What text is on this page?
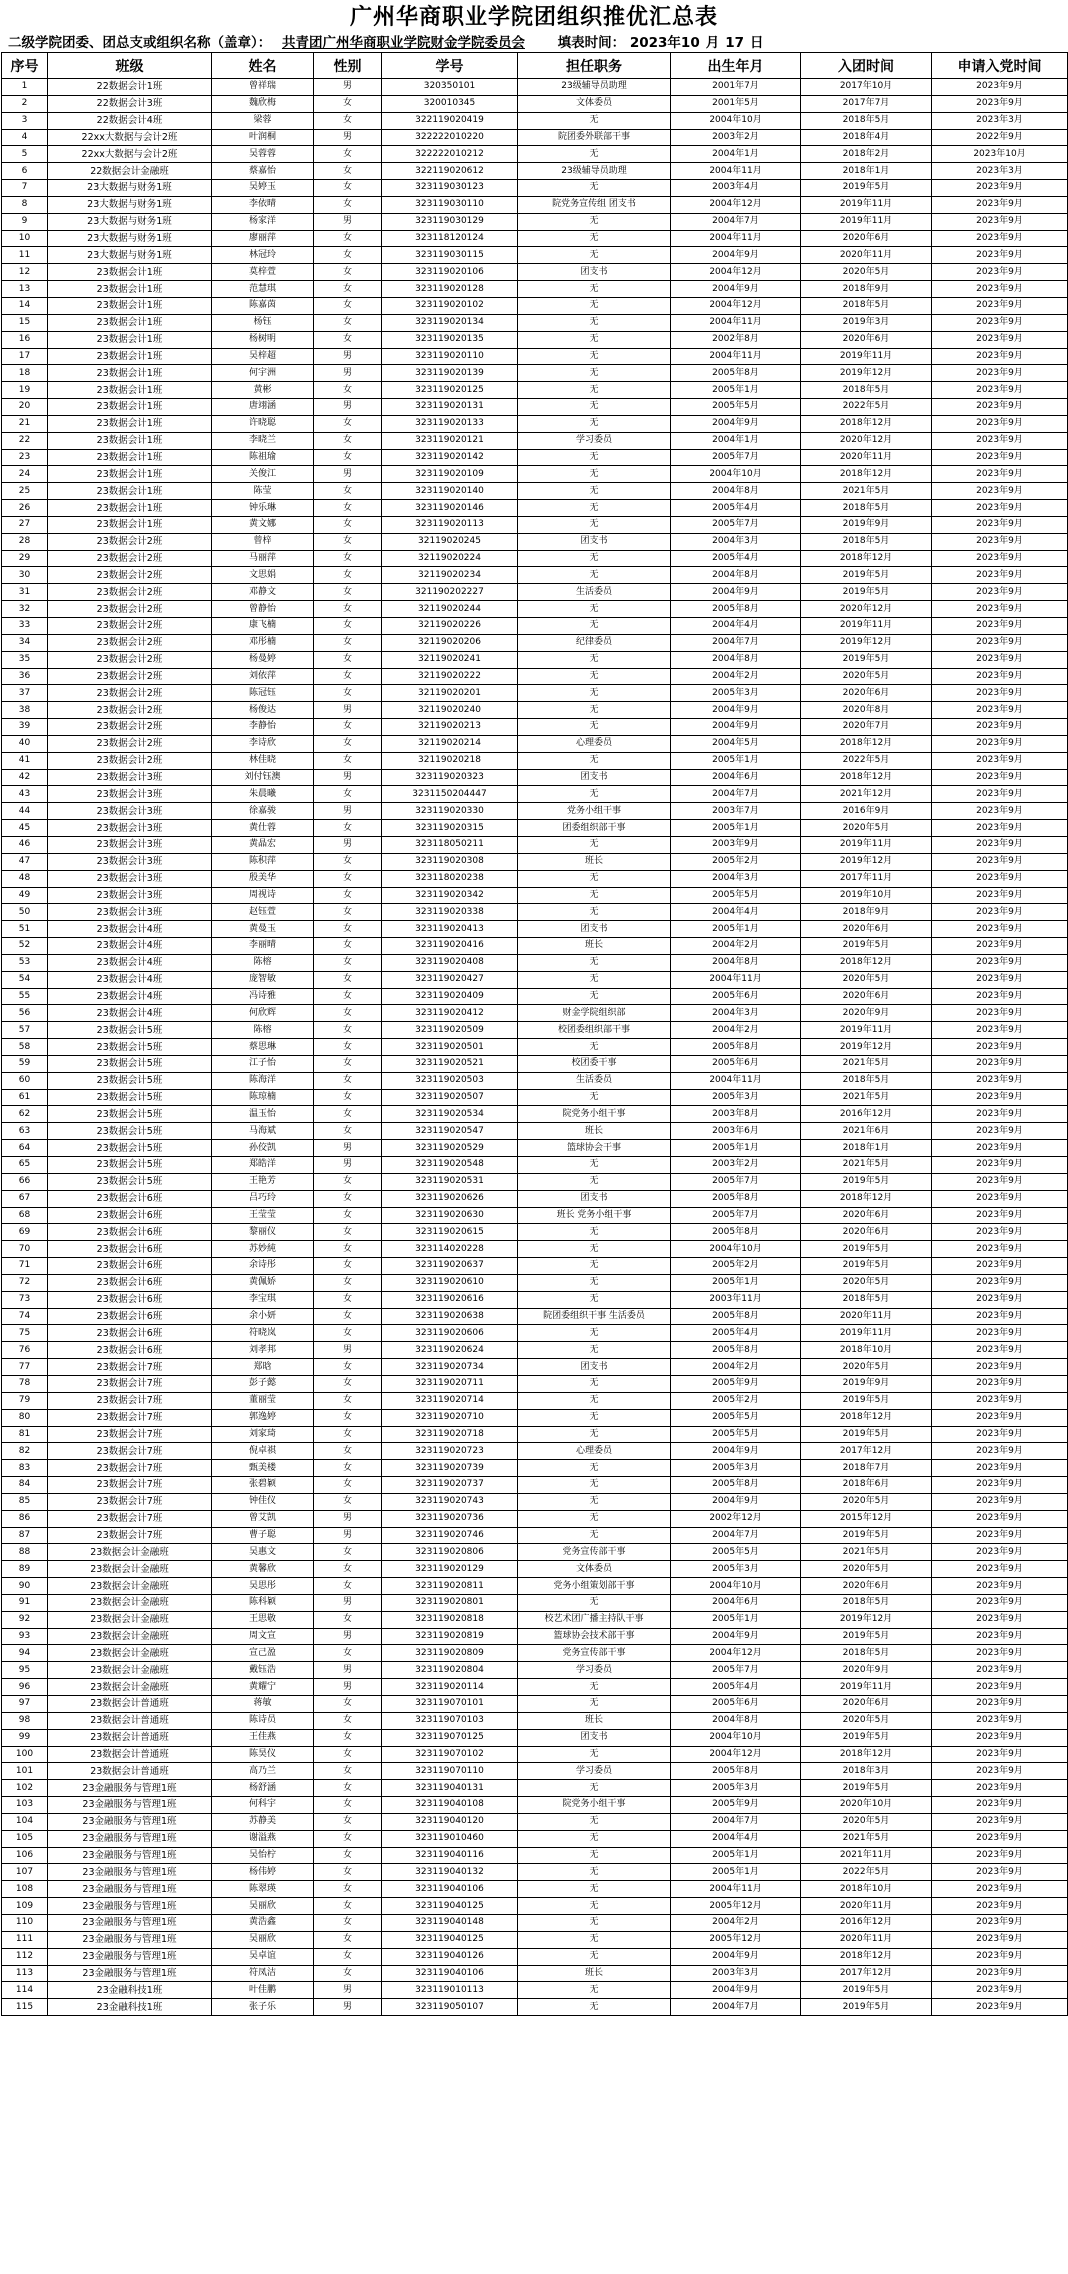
广州华商职业学院团组织推优汇总表
二级学院团委、团总支或组织名称（盖章）： 共青团广州华商职业学院财金学院委员会 填表时间： 2023年10 月 17 日
序号	班级	姓名	性别	学号	担任职务	出生年月	入团时间	申请入党时间
1	22数据会计1班	曾祥瑞	男	320350101	23级辅导员助理	2001年7月	2017年10月	2023年9月
2	22数据会计3班	魏欣梅	女	320010345	文体委员	2001年5月	2017年7月	2023年9月
3	22数据会计4班	梁蓉	女	322119020419	无	2004年10月	2018年5月	2023年3月
4	22xx大数据与会计2班	叶润桐	男	322222010220	院团委外联部干事	2003年2月	2018年4月	2022年9月
5	22xx大数据与会计2班	吴蓉蓉	女	322222010212	无	2004年1月	2018年2月	2023年10月
6	22数据会计金融班	蔡嘉怡	女	322119020612	23级辅导员助理	2004年11月	2018年1月	2023年3月
7	23大数据与财务1班	吴婷玉	女	323119030123	无	2003年4月	2019年5月	2023年9月
8	23大数据与财务1班	李依晴	女	323119030110	院党务宣传组 团支书	2004年12月	2019年11月	2023年9月
9	23大数据与财务1班	杨家洋	男	323119030129	无	2004年7月	2019年11月	2023年9月
10	23大数据与财务1班	廖丽萍	女	323118120124	无	2004年11月	2020年6月	2023年9月
11	23大数据与财务1班	林冠玲	女	323119030115	无	2004年9月	2020年11月	2023年9月
12	23数据会计1班	莫梓萱	女	323119020106	团支书	2004年12月	2020年5月	2023年9月
13	23数据会计1班	范慧琪	女	323119020128	无	2004年9月	2018年9月	2023年9月
14	23数据会计1班	陈嘉茵	女	323119020102	无	2004年12月	2018年5月	2023年9月
15	23数据会计1班	杨钰	女	323119020134	无	2004年11月	2019年3月	2023年9月
16	23数据会计1班	杨树明	女	323119020135	无	2002年8月	2020年6月	2023年9月
17	23数据会计1班	吴梓超	男	323119020110	无	2004年11月	2019年11月	2023年9月
18	23数据会计1班	何宇洲	男	323119020139	无	2005年8月	2019年12月	2023年9月
19	23数据会计1班	黄彬	女	323119020125	无	2005年1月	2018年5月	2023年9月
20	23数据会计1班	唐翊涵	男	323119020131	无	2005年5月	2022年5月	2023年9月
21	23数据会计1班	许晓聪	女	323119020133	无	2004年9月	2018年12月	2023年9月
22	23数据会计1班	李晓兰	女	323119020121	学习委员	2004年1月	2020年12月	2023年9月
23	23数据会计1班	陈祖瑜	女	323119020142	无	2005年7月	2020年11月	2023年9月
24	23数据会计1班	关俊江	男	323119020109	无	2004年10月	2018年12月	2023年9月
25	23数据会计1班	陈莹	女	323119020140	无	2004年8月	2021年5月	2023年9月
26	23数据会计1班	钟乐琳	女	323119020146	无	2005年4月	2018年5月	2023年9月
27	23数据会计1班	黄文娜	女	323119020113	无	2005年7月	2019年9月	2023年9月
28	23数据会计2班	曾梓	女	32119020245	团支书	2004年3月	2018年5月	2023年9月
29	23数据会计2班	马丽萍	女	32119020224	无	2005年4月	2018年12月	2023年9月
30	23数据会计2班	文思娟	女	32119020234	无	2004年8月	2019年5月	2023年9月
31	23数据会计2班	邓静文	女	321190202227	生活委员	2004年9月	2019年5月	2023年9月
32	23数据会计2班	曾静怡	女	32119020244	无	2005年8月	2020年12月	2023年9月
33	23数据会计2班	康飞楠	女	32119020226	无	2004年4月	2019年11月	2023年9月
34	23数据会计2班	邓彤楠	女	32119020206	纪律委员	2004年7月	2019年12月	2023年9月
35	23数据会计2班	杨曼婷	女	32119020241	无	2004年8月	2019年5月	2023年9月
36	23数据会计2班	刘依萍	女	32119020222	无	2004年2月	2020年5月	2023年9月
37	23数据会计2班	陈冠钰	女	32119020201	无	2005年3月	2020年6月	2023年9月
38	23数据会计2班	杨俊达	男	32119020240	无	2004年9月	2020年8月	2023年9月
39	23数据会计2班	李静怡	女	32119020213	无	2004年9月	2020年7月	2023年9月
40	23数据会计2班	李诗欣	女	32119020214	心理委员	2004年5月	2018年12月	2023年9月
41	23数据会计2班	林佳晓	女	32119020218	无	2005年1月	2022年5月	2023年9月
42	23数据会计3班	刘付钰澳	男	323119020323	团支书	2004年6月	2018年12月	2023年9月
43	23数据会计3班	朱晨曦	女	3231150204447	无	2004年7月	2021年12月	2023年9月
44	23数据会计3班	徐嘉骏	男	323119020330	党务小组干事	2003年7月	2016年9月	2023年9月
45	23数据会计3班	黄仕蓉	女	323119020315	团委组织部干事	2005年1月	2020年5月	2023年9月
46	23数据会计3班	黄晶宏	男	323118050211	无	2003年9月	2019年11月	2023年9月
47	23数据会计3班	陈积萍	女	323119020308	班长	2005年2月	2019年12月	2023年9月
48	23数据会计3班	殷美华	女	323118020238	无	2004年3月	2017年11月	2023年9月
49	23数据会计3班	周视诗	女	323119020342	无	2005年5月	2019年10月	2023年9月
50	23数据会计3班	赵钰萱	女	323119020338	无	2004年4月	2018年9月	2023年9月
51	23数据会计4班	黄曼玉	女	323119020413	团支书	2005年1月	2020年6月	2023年9月
52	23数据会计4班	李丽晴	女	323119020416	班长	2004年2月	2019年5月	2023年9月
53	23数据会计4班	陈榕	女	323119020408	无	2004年8月	2018年12月	2023年9月
54	23数据会计4班	庞智敏	女	323119020427	无	2004年11月	2020年5月	2023年9月
55	23数据会计4班	冯诗雅	女	323119020409	无	2005年6月	2020年6月	2023年9月
56	23数据会计4班	何欣辉	女	323119020412	财金学院组织部	2004年3月	2020年9月	2023年9月
57	23数据会计5班	陈榕	女	323119020509	校团委组织部干事	2004年2月	2019年11月	2023年9月
58	23数据会计5班	蔡思琳	女	323119020501	无	2005年8月	2019年12月	2023年9月
59	23数据会计5班	江子怡	女	323119020521	校团委干事	2005年6月	2021年5月	2023年9月
60	23数据会计5班	陈海洋	女	323119020503	生活委员	2004年11月	2018年5月	2023年9月
61	23数据会计5班	陈琼楠	女	323119020507	无	2005年3月	2021年5月	2023年9月
62	23数据会计5班	温玉怡	女	323119020534	院党务小组干事	2003年8月	2016年12月	2023年9月
63	23数据会计5班	马海斌	女	323119020547	班长	2003年6月	2021年6月	2023年9月
64	23数据会计5班	孙佼凯	男	323119020529	篮球协会干事	2005年1月	2018年1月	2023年9月
65	23数据会计5班	郑皓洋	男	323119020548	无	2003年2月	2021年5月	2023年9月
66	23数据会计5班	王艳芳	女	323119020531	无	2005年7月	2019年5月	2023年9月
67	23数据会计6班	吕巧玲	女	323119020626	团支书	2005年8月	2018年12月	2023年9月
68	23数据会计6班	王莹莹	女	323119020630	班长 党务小组干事	2005年7月	2020年6月	2023年9月
69	23数据会计6班	黎丽仪	女	323119020615	无	2005年8月	2020年6月	2023年9月
70	23数据会计6班	苏妙純	女	323114020228	无	2004年10月	2019年5月	2023年9月
71	23数据会计6班	余诗彤	女	323119020637	无	2005年2月	2019年5月	2023年9月
72	23数据会计6班	黄佩娇	女	323119020610	无	2005年1月	2020年5月	2023年9月
73	23数据会计6班	李宝琪	女	323119020616	无	2003年11月	2018年5月	2023年9月
74	23数据会计6班	余小妍	女	323119020638	院团委组织干事 生活委员	2005年8月	2020年11月	2023年9月
75	23数据会计6班	符晓岚	女	323119020606	无	2005年4月	2019年11月	2023年9月
76	23数据会计6班	刘孝邦	男	323119020624	无	2005年8月	2018年10月	2023年9月
77	23数据会计7班	郑晗	女	323119020734	团支书	2004年2月	2020年5月	2023年9月
78	23数据会计7班	彭子懿	女	323119020711	无	2005年9月	2019年9月	2023年9月
79	23数据会计7班	董丽莹	女	323119020714	无	2005年2月	2019年5月	2023年9月
80	23数据会计7班	郭逸婷	女	323119020710	无	2005年5月	2018年12月	2023年9月
81	23数据会计7班	刘家琦	女	323119020718	无	2005年5月	2019年5月	2023年9月
82	23数据会计7班	倪卓祺	女	323119020723	心理委员	2004年9月	2017年12月	2023年9月
83	23数据会计7班	甄美楼	女	323119020739	无	2005年3月	2018年7月	2023年9月
84	23数据会计7班	张碧颖	女	323119020737	无	2005年8月	2018年6月	2023年9月
85	23数据会计7班	钟佳仪	女	323119020743	无	2004年9月	2020年5月	2023年9月
86	23数据会计7班	曾艾凯	男	323119020736	无	2002年12月	2015年12月	2023年9月
87	23数据会计7班	曹子聪	男	323119020746	无	2004年7月	2019年5月	2023年9月
88	23数据会计金融班	吴惠文	女	323119020806	党务宣传部干事	2005年5月	2021年5月	2023年9月
89	23数据会计金融班	黄馨欣	女	323119020129	文体委员	2005年3月	2020年5月	2023年9月
90	23数据会计金融班	吴思彤	女	323119020811	党务小组策划部干事	2004年10月	2020年6月	2023年9月
91	23数据会计金融班	陈科颖	男	323119020801	无	2004年6月	2018年5月	2023年9月
92	23数据会计金融班	王思敬	女	323119020818	校艺术团广播主持队干事	2005年1月	2019年12月	2023年9月
93	23数据会计金融班	周文宣	男	323119020819	篮球协会技术部干事	2004年9月	2019年5月	2023年9月
94	23数据会计金融班	宣己盈	女	323119020809	党务宣传部干事	2004年12月	2018年5月	2023年9月
95	23数据会计金融班	戴钰浩	男	323119020804	学习委员	2005年7月	2020年9月	2023年9月
96	23数据会计金融班	黄耀宁	男	323119020114	无	2005年4月	2019年11月	2023年9月
97	23数据会计普通班	蒋敏	女	323119070101	无	2005年6月	2020年6月	2023年9月
98	23数据会计普通班	陈诗员	女	323119070103	班长	2004年8月	2020年5月	2023年9月
99	23数据会计普通班	王佳燕	女	323119070125	团支书	2004年10月	2019年5月	2023年9月
100	23数据会计普通班	陈昊仪	女	323119070102	无	2004年12月	2018年12月	2023年9月
101	23数据会计普通班	高乃兰	女	323119070110	学习委员	2005年8月	2018年3月	2023年9月
102	23金融服务与管理1班	杨舒涵	女	323119040131	无	2005年3月	2019年5月	2023年9月
103	23金融服务与管理1班	何科宇	女	323119040108	院党务小组干事	2005年9月	2020年10月	2023年9月
104	23金融服务与管理1班	苏静美	女	323119040120	无	2004年7月	2020年5月	2023年9月
105	23金融服务与管理1班	谢溢燕	女	323119010460	无	2004年4月	2021年5月	2023年9月
106	23金融服务与管理1班	吴怡柠	女	323119040116	无	2005年1月	2021年11月	2023年9月
107	23金融服务与管理1班	杨伟婷	女	323119040132	无	2005年1月	2022年5月	2023年9月
108	23金融服务与管理1班	陈翠瑛	女	323119040106	无	2004年11月	2018年10月	2023年9月
109	23金融服务与管理1班	吴丽欣	女	323119040125	无	2005年12月	2020年11月	2023年9月
110	23金融服务与管理1班	黄浩鑫	女	323119040148	无	2004年2月	2016年12月	2023年9月
111	23金融服务与管理1班	吴丽欣	女	323119040125	无	2005年12月	2020年11月	2023年9月
112	23金融服务与管理1班	吴卓谊	女	323119040126	无	2004年9月	2018年12月	2023年9月
113	23金融服务与管理1班	符凤洁	女	323119040106	班长	2003年3月	2017年12月	2023年9月
114	23金融科技1班	叶佳鹏	男	323119010113	无	2004年9月	2019年5月	2023年9月
115	23金融科技1班	张子乐	男	323119050107	无	2004年7月	2019年5月	2023年9月
